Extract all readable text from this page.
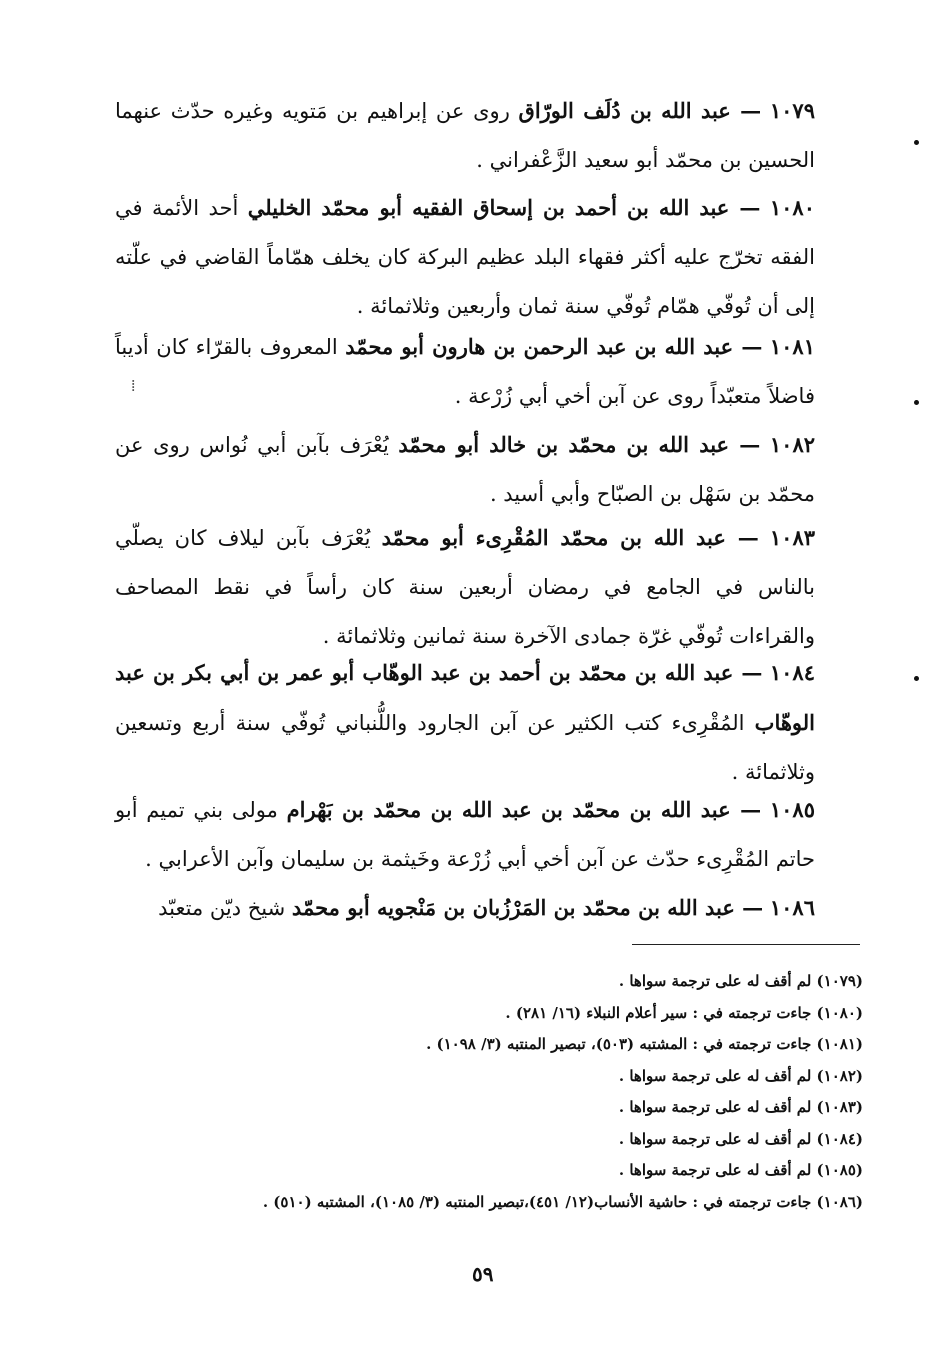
١٠٧٩ — عبد الله بن دُلَف الورّاق روى عن إبراهيم بن مَتويه وغيره حدّث عنهما الحسين بن محمّد أبو سعيد الزَّعْفراني .
١٠٨٠ — عبد الله بن أحمد بن إسحاق الفقيه أبو محمّد الخليلي أحد الأئمة في الفقه تخرّج عليه أكثر فقهاء البلد عظيم البركة كان يخلف همّاماً القاضي في علّته إلى أن تُوفّي همّام تُوفّي سنة ثمان وأربعين وثلاثمائة .
١٠٨١ — عبد الله بن عبد الرحمن بن هارون أبو محمّد المعروف بالقرّاء كان أديباً فاضلاً متعبّداً روى عن آبن أخي أبي زُرْعة .
١٠٨٢ — عبد الله بن محمّد بن خالد أبو محمّد يُعْرَف بآبن أبي نُواس روى عن محمّد بن سَهْل بن الصبّاح وأبي أسيد .
١٠٨٣ — عبد الله بن محمّد المُقْرِىء أبو محمّد يُعْرَف بآبن ليلاف كان يصلّي بالناس في الجامع في رمضان أربعين سنة كان رأساً في نقط المصاحف والقراءات تُوفّي غرّة جمادى الآخرة سنة ثمانين وثلاثمائة .
١٠٨٤ — عبد الله بن محمّد بن أحمد بن عبد الوهّاب أبو عمر بن أبي بكر بن عبد الوهّاب المُقْرِىء كتب الكثير عن آبن الجارود واللُّنباني تُوفّي سنة أربع وتسعين وثلاثمائة .
١٠٨٥ — عبد الله بن محمّد بن عبد الله بن محمّد بن بَهْرام مولى بني تميم أبو حاتم المُقْرِىء حدّث عن آبن أخي أبي زُرْعة وخَيثمة بن سليمان وآبن الأعرابي .
١٠٨٦ — عبد الله بن محمّد بن المَرْزُبان بن مَنْجويه أبو محمّد شيخ ديّن متعبّد
(١٠٧٩) لم أقف له على ترجمة سواها .
(١٠٨٠) جاءت ترجمته في : سير أعلام النبلاء (١٦/ ٢٨١) .
(١٠٨١) جاءت ترجمته في : المشتبه (٥٠٣)، تبصير المنتبه (٣/ ١٠٩٨) .
(١٠٨٢) لم أقف له على ترجمة سواها .
(١٠٨٣) لم أقف له على ترجمة سواها .
(١٠٨٤) لم أقف له على ترجمة سواها .
(١٠٨٥) لم أقف له على ترجمة سواها .
(١٠٨٦) جاءت ترجمته في : حاشية الأنساب(١٢/ ٤٥١)،تبصير المنتبه (٣/ ١٠٨٥)، المشتبه (٥١٠) .
٥٩
⁞
